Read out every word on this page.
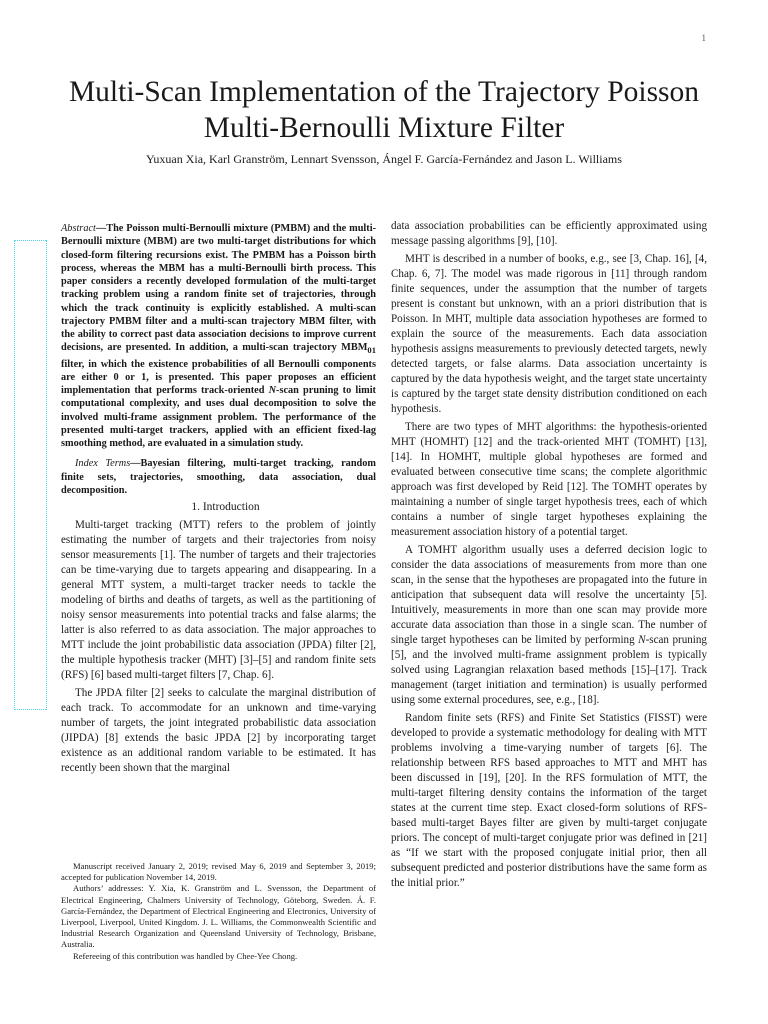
1
Multi-Scan Implementation of the Trajectory Poisson Multi-Bernoulli Mixture Filter

Yuxuan Xia, Karl Granström, Lennart Svensson, Ángel F. García-Fernández and Jason L. Williams

Abstract—The Poisson multi-Bernoulli mixture (PMBM) and the multi-Bernoulli mixture (MBM) are two multi-target distributions for which closed-form filtering recursions exist. The PMBM has a Poisson birth process, whereas the MBM has a multi-Bernoulli birth process. This paper considers a recently developed formulation of the multi-target tracking problem using a random finite set of trajectories, through which the track continuity is explicitly established. A multi-scan trajectory PMBM filter and a multi-scan trajectory MBM filter, with the ability to correct past data association decisions to improve current decisions, are presented. In addition, a multi-scan trajectory $MBM_{01}$ filter, in which the existence probabilities of all Bernoulli components are either 0 or 1, is presented. This paper proposes an efficient implementation that performs track-oriented N-scan pruning to limit computational complexity, and uses dual decomposition to solve the involved multi-frame assignment problem. The performance of the presented multi-target trackers, applied with an efficient fixed-lag smoothing method, are evaluated in a simulation study.

Index Terms—Bayesian filtering, multi-target tracking, random finite sets, trajectories, smoothing, data association, dual decomposition.

1. Introduction

Multi-target tracking (MTT) refers to the problem of jointly estimating the number of targets and their trajectories from noisy sensor measurements [1]. The number of targets and their trajectories can be time-varying due to targets appearing and disappearing. In a general MTT system, a multi-target tracker needs to tackle the modeling of births and deaths of targets, as well as the partitioning of noisy sensor measurements into potential tracks and false alarms; the latter is also referred to as data association. The major approaches to MTT include the joint probabilistic data association (JPDA) filter [2], the multiple hypothesis tracker (MHT) [3]–[5] and random finite sets (RFS) [6] based multi-target filters [7, Chap. 6].

The JPDA filter [2] seeks to calculate the marginal distribution of each track. To accommodate for an unknown and time-varying number of targets, the joint integrated probabilistic data association (JIPDA) [8] extends the basic JPDA [2] by incorporating target existence as an additional random variable to be estimated. It has recently been shown that the marginal

Manuscript received January 2, 2019; revised May 6, 2019 and September 3, 2019; accepted for publication November 14, 2019.

Authors’ addresses: Y. Xia, K. Granström and L. Svensson, the Department of Electrical Engineering, Chalmers University of Technology, Göteborg, Sweden. Á. F. García-Fernández, the Department of Electrical Engineering and Electronics, University of Liverpool, Liverpool, United Kingdom. J. L. Williams, the Commonwealth Scientific and Industrial Research Organization and Queensland University of Technology, Brisbane, Australia.

Refereeing of this contribution was handled by Chee-Yee Chong.

data association probabilities can be efficiently approximated using message passing algorithms [9], [10].

MHT is described in a number of books, e.g., see [3, Chap. 16], [4, Chap. 6, 7]. The model was made rigorous in [11] through random finite sequences, under the assumption that the number of targets present is constant but unknown, with an a priori distribution that is Poisson. In MHT, multiple data association hypotheses are formed to explain the source of the measurements. Each data association hypothesis assigns measurements to previously detected targets, newly detected targets, or false alarms. Data association uncertainty is captured by the data hypothesis weight, and the target state uncertainty is captured by the target state density distribution conditioned on each hypothesis.

There are two types of MHT algorithms: the hypothesis-oriented MHT (HOMHT) [12] and the track-oriented MHT (TOMHT) [13], [14]. In HOMHT, multiple global hypotheses are formed and evaluated between consecutive time scans; the complete algorithmic approach was first developed by Reid [12]. The TOMHT operates by maintaining a number of single target hypothesis trees, each of which contains a number of single target hypotheses explaining the measurement association history of a potential target.

A TOMHT algorithm usually uses a deferred decision logic to consider the data associations of measurements from more than one scan, in the sense that the hypotheses are propagated into the future in anticipation that subsequent data will resolve the uncertainty [5]. Intuitively, measurements in more than one scan may provide more accurate data association than those in a single scan. The number of single target hypotheses can be limited by performing N-scan pruning [5], and the involved multi-frame assignment problem is typically solved using Lagrangian relaxation based methods [15]–[17]. Track management (target initiation and termination) is usually performed using some external procedures, see, e.g., [18].

Random finite sets (RFS) and Finite Set Statistics (FISST) were developed to provide a systematic methodology for dealing with MTT problems involving a time-varying number of targets [6]. The relationship between RFS based approaches to MTT and MHT has been discussed in [19], [20]. In the RFS formulation of MTT, the multi-target filtering density contains the information of the target states at the current time step. Exact closed-form solutions of RFS-based multi-target Bayes filter are given by multi-target conjugate priors. The concept of multi-target conjugate prior was defined in [21] as “If we start with the proposed conjugate initial prior, then all subsequent predicted and posterior distributions have the same form as the initial prior.”
